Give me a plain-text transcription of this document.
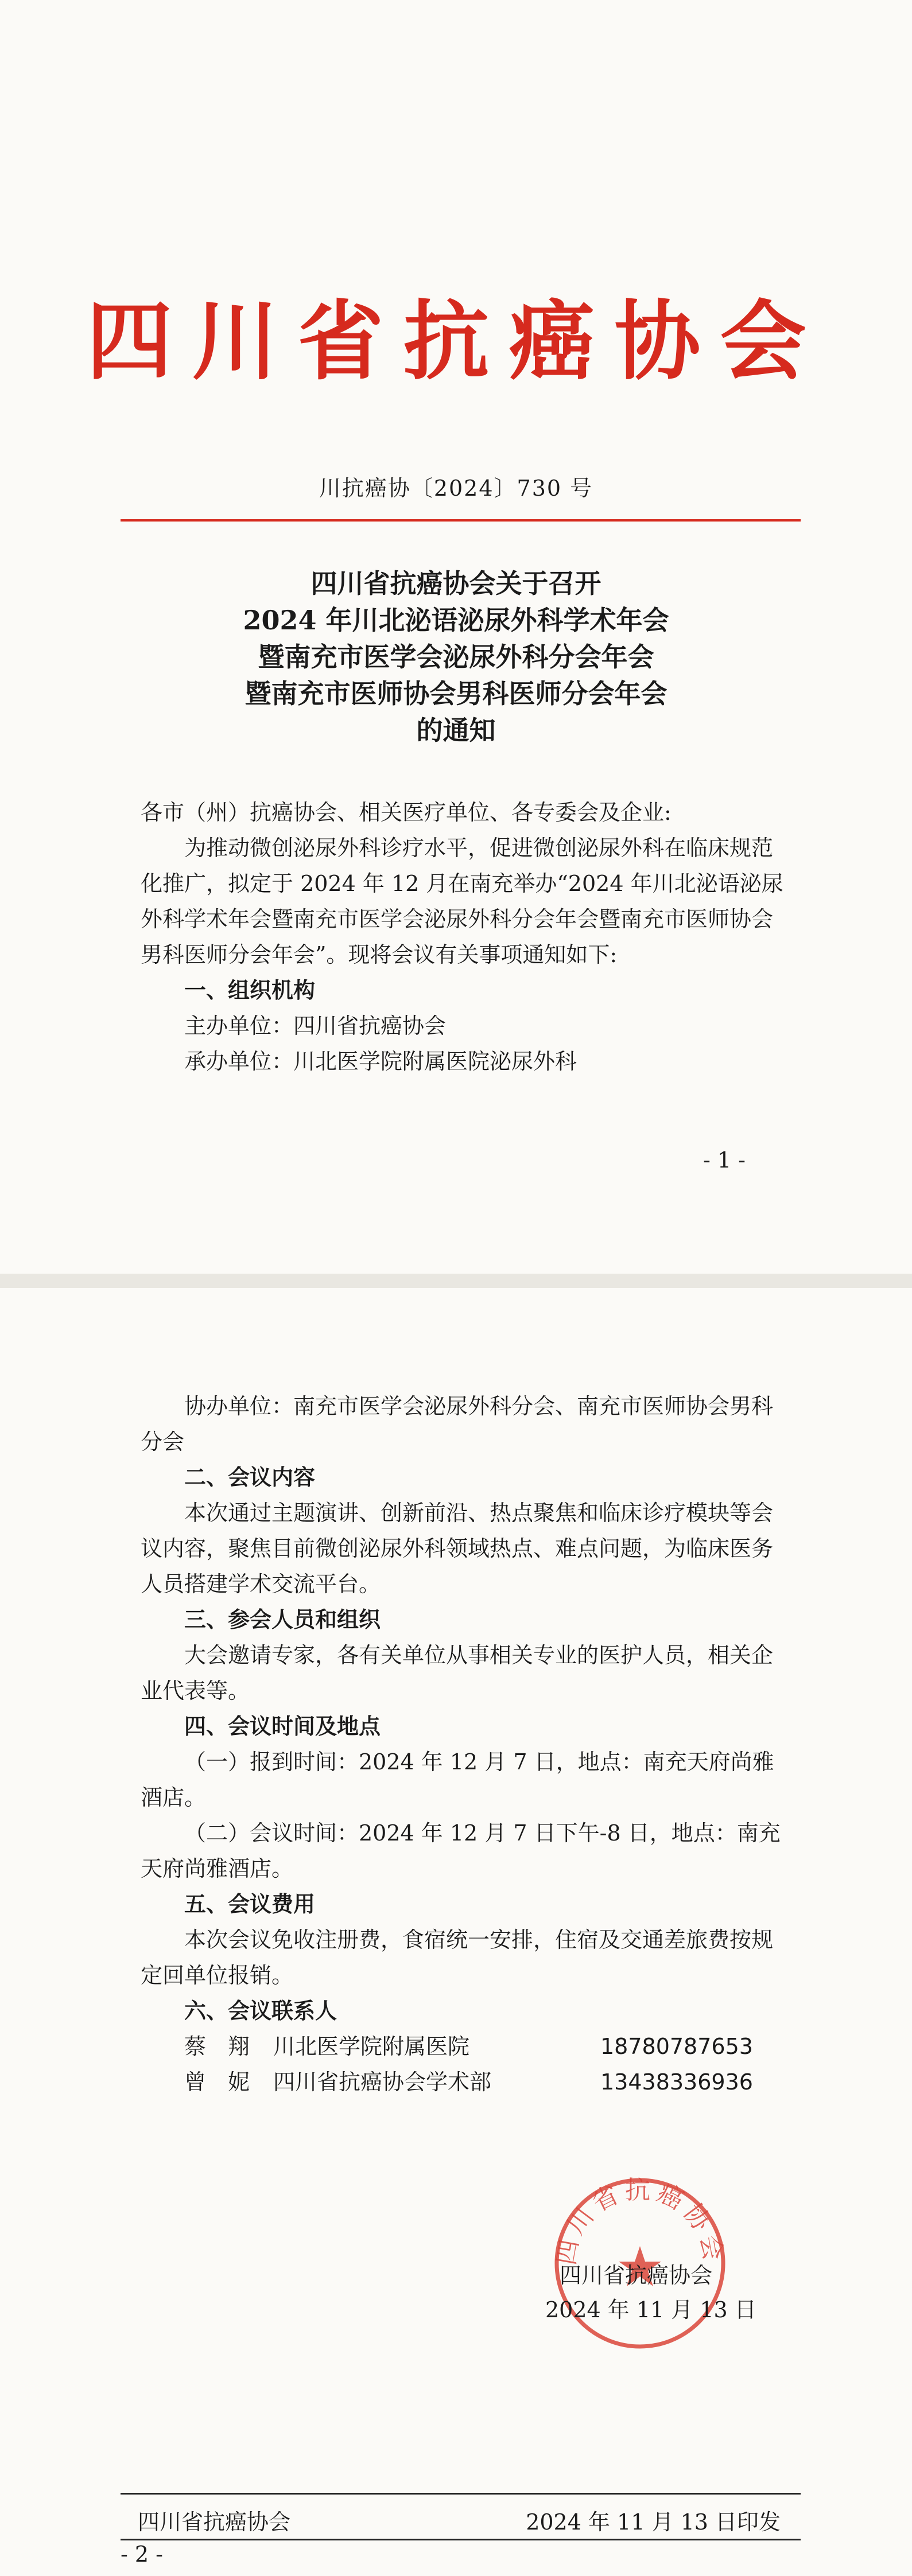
四川省抗癌协会
川抗癌协〔2024〕730 号
四川省抗癌协会关于召开
2024 年川北泌语泌尿外科学术年会
暨南充市医学会泌尿外科分会年会
暨南充市医师协会男科医师分会年会
的通知

各市（州）抗癌协会、相关医疗单位、各专委会及企业:

为推动微创泌尿外科诊疗水平，促进微创泌尿外科在临床规范化推广，拟定于 2024 年 12 月在南充举办“2024 年川北泌语泌尿外科学术年会暨南充市医学会泌尿外科分会年会暨南充市医师协会男科医师分会年会”。现将会议有关事项通知如下:

一、组织机构

主办单位：四川省抗癌协会

承办单位：川北医学院附属医院泌尿外科

- 1 -

协办单位：南充市医学会泌尿外科分会、南充市医师协会男科分会

二、会议内容

本次通过主题演讲、创新前沿、热点聚焦和临床诊疗模块等会议内容，聚焦目前微创泌尿外科领域热点、难点问题，为临床医务人员搭建学术交流平台。

三、参会人员和组织

大会邀请专家，各有关单位从事相关专业的医护人员，相关企业代表等。

四、会议时间及地点

（一）报到时间：2024 年 12 月 7 日，地点：南充天府尚雅酒店。

（二）会议时间：2024 年 12 月 7 日下午-8 日，地点：南充天府尚雅酒店。

五、会议费用

本次会议免收注册费，食宿统一安排，住宿及交通差旅费按规定回单位报销。

六、会议联系人

蔡　翔	川北医学院附属医院	18780787653
曾　妮	四川省抗癌协会学术部	13438336936
四川省抗癌协会
四川省抗癌协会
2024 年 11 月 13 日
四川省抗癌协会	2024 年 11 月 13 日印发
- 2 -
